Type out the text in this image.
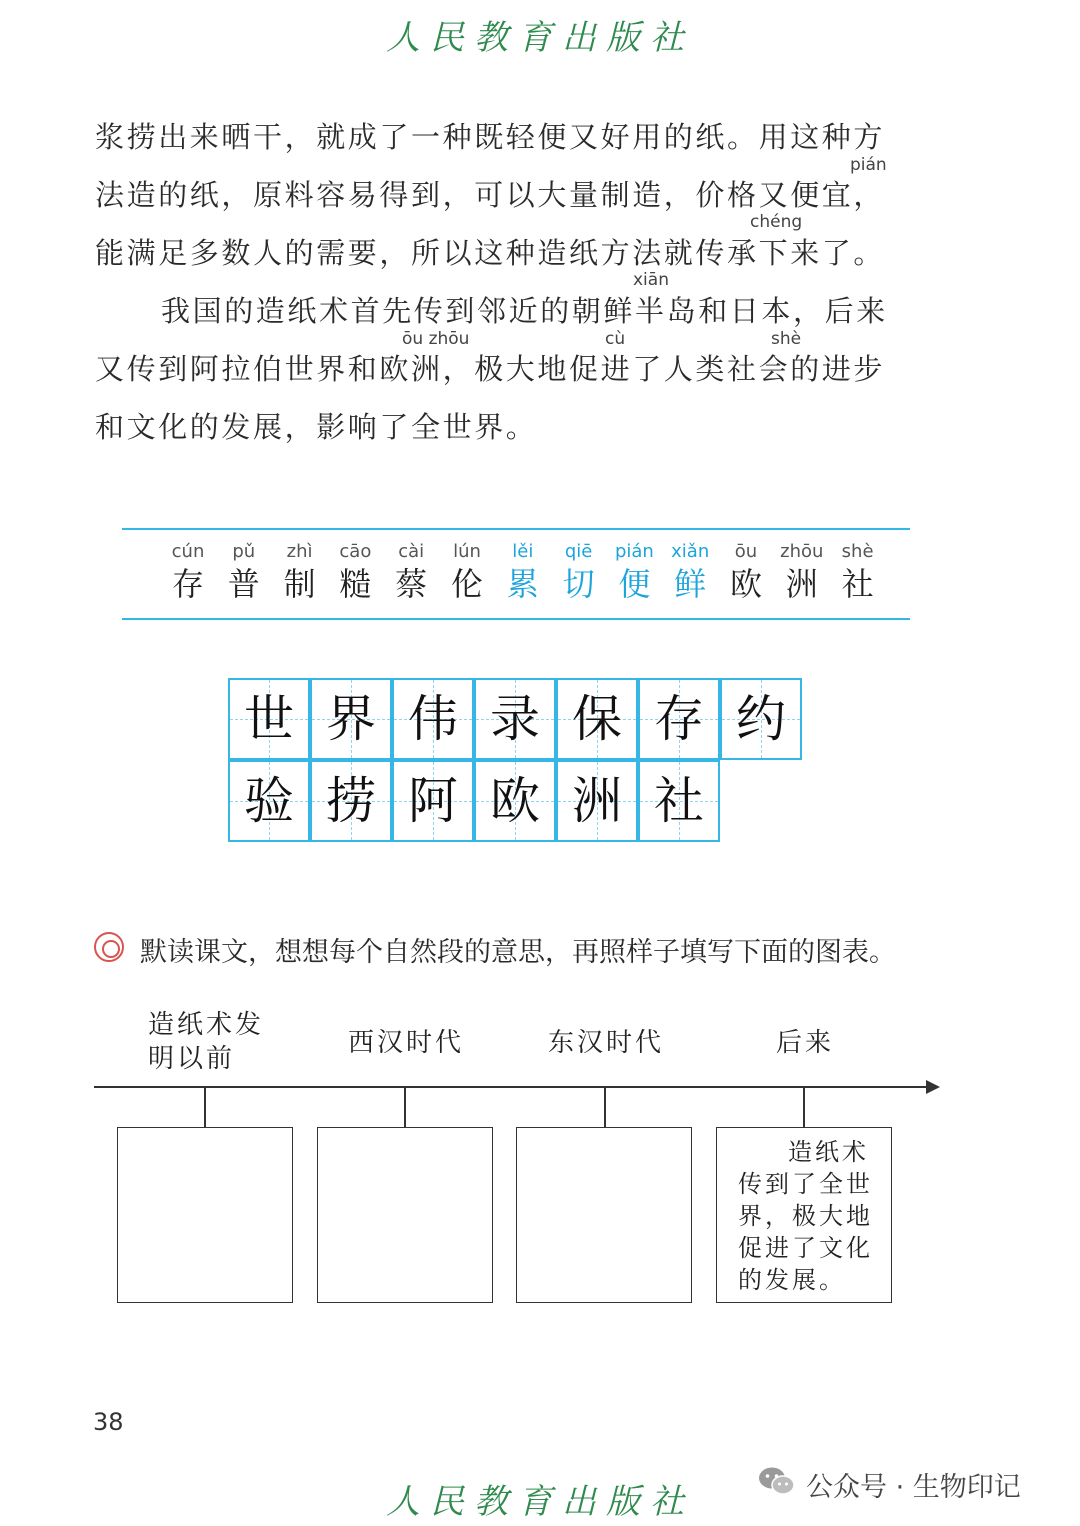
人民教育出版社
浆捞出来晒干，就成了一种既轻便又好用的纸。用这种方
pián
法造的纸，原料容易得到，可以大量制造，价格又便宜，
chéng
能满足多数人的需要，所以这种造纸方法就传承下来了。
xiān
我国的造纸术首先传到邻近的朝鲜半岛和日本，后来
ōu zhōu	cù	shè
又传到阿拉伯世界和欧洲，极大地促进了人类社会的进步
和文化的发展，影响了全世界。
cún
存
pǔ
普
zhì
制
cāo
糙
cài
蔡
lún
伦
lěi
累
qiē
切
pián
便
xiǎn
鲜
ōu
欧
zhōu
洲
shè
社
默读课文，想想每个自然段的意思，再照样子填写下面的图表。
造纸术发明以前
西汉时代	东汉时代	后来
造纸术传到了全世界，极大地促进了文化的发展。
38
人民教育出版社	公众号 · 生物印记
世 界 伟 录 保 存 约
验 捞 阿 欧 洲 社
